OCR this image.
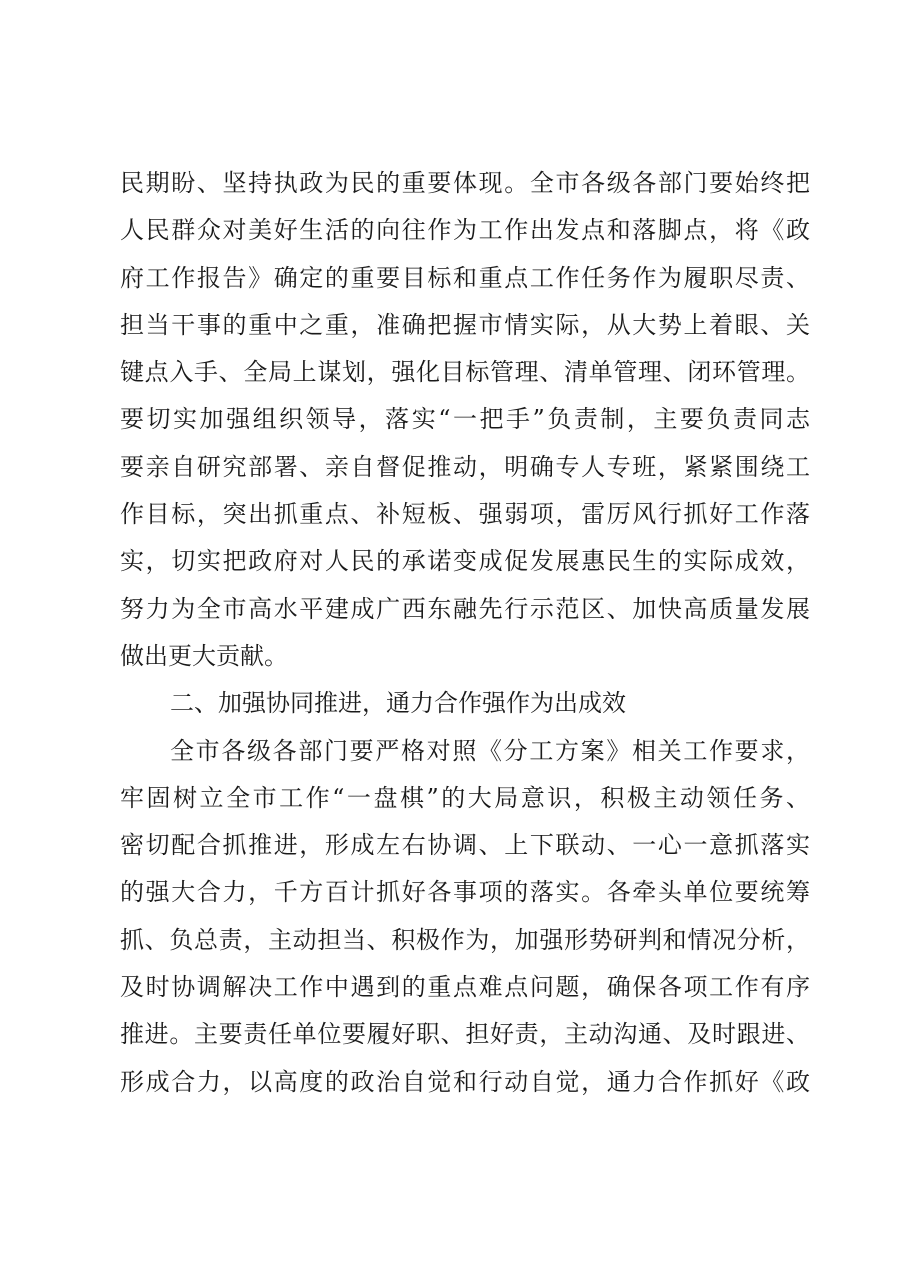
民期盼、坚持执政为民的重要体现。全市各级各部门要始终把
人民群众对美好生活的向往作为工作出发点和落脚点，将《政
府工作报告》确定的重要目标和重点工作任务作为履职尽责、
担当干事的重中之重，准确把握市情实际，从大势上着眼、关
键点入手、全局上谋划，强化目标管理、清单管理、闭环管理。
要切实加强组织领导，落实“一把手”负责制，主要负责同志
要亲自研究部署、亲自督促推动，明确专人专班，紧紧围绕工
作目标，突出抓重点、补短板、强弱项，雷厉风行抓好工作落
实，切实把政府对人民的承诺变成促发展惠民生的实际成效，
努力为全市高水平建成广西东融先行示范区、加快高质量发展
做出更大贡献。
二、加强协同推进，通力合作强作为出成效
全市各级各部门要严格对照《分工方案》相关工作要求，
牢固树立全市工作“一盘棋”的大局意识，积极主动领任务、
密切配合抓推进，形成左右协调、上下联动、一心一意抓落实
的强大合力，千方百计抓好各事项的落实。各牵头单位要统筹
抓、负总责，主动担当、积极作为，加强形势研判和情况分析，
及时协调解决工作中遇到的重点难点问题，确保各项工作有序
推进。主要责任单位要履好职、担好责，主动沟通、及时跟进、
形成合力，以高度的政治自觉和行动自觉，通力合作抓好《政
